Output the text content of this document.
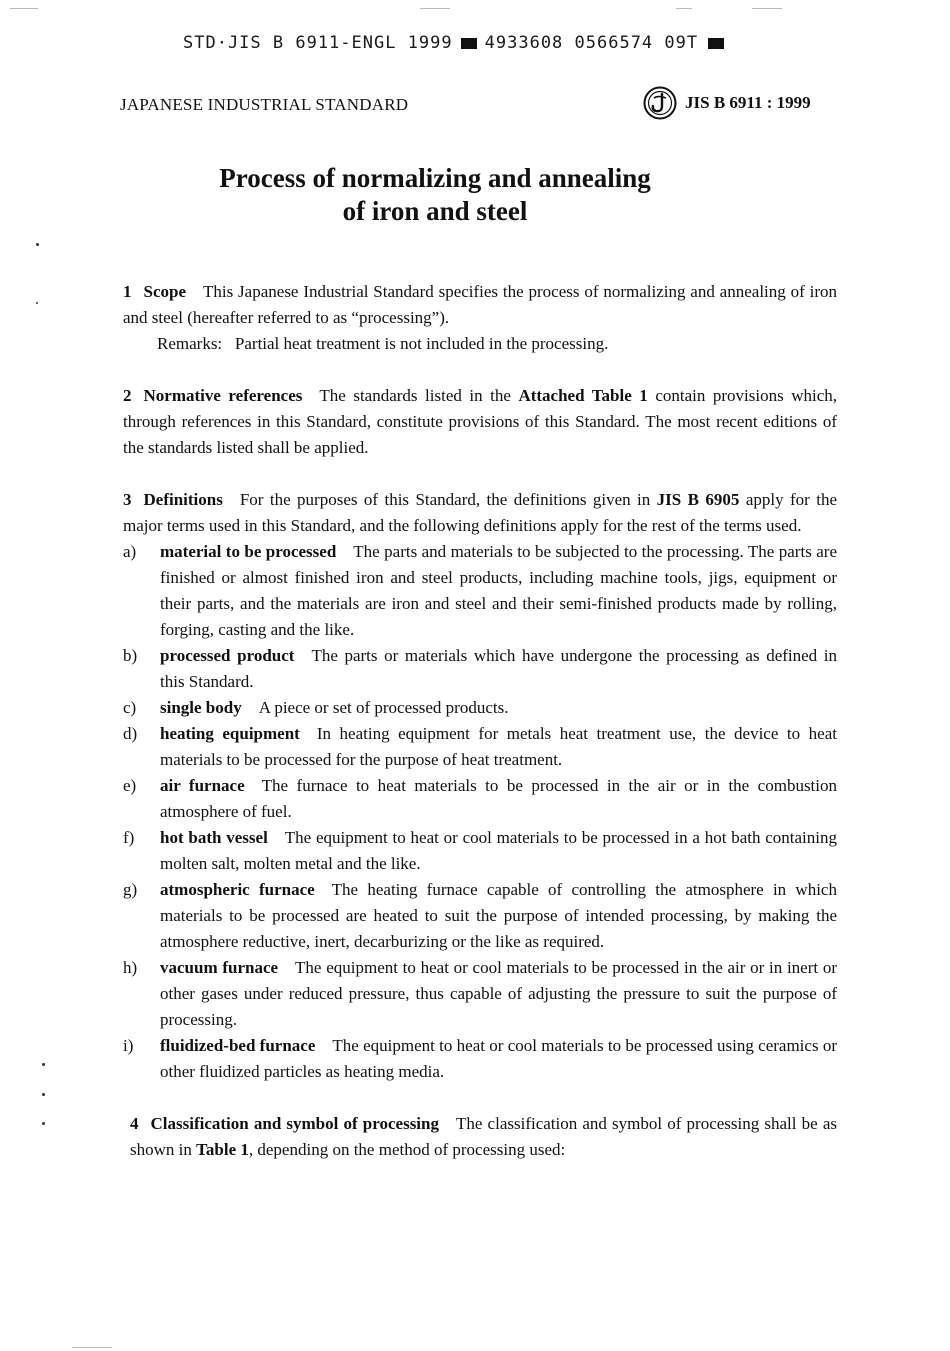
STD·JIS B 6911-ENGL 1999 4933608 0566574 09T
JAPANESE INDUSTRIAL STANDARD	JIS B 6911 : 1999
Process of normalizing and annealing
of iron and steel

1 Scope   This Japanese Industrial Standard specifies the process of normalizing and annealing of iron and steel (hereafter referred to as “processing”).

Remarks:  Partial heat treatment is not included in the processing.

2 Normative references   The standards listed in the Attached Table 1 contain provisions which, through references in this Standard, constitute provisions of this Standard. The most recent editions of the standards listed shall be applied.

3 Definitions   For the purposes of this Standard, the definitions given in JIS B 6905 apply for the major terms used in this Standard, and the following definitions apply for the rest of the terms used.

a)	material to be processed   The parts and materials to be subjected to the processing. The parts are finished or almost finished iron and steel products, including machine tools, jigs, equipment or their parts, and the materials are iron and steel and their semi-finished products made by rolling, forging, casting and the like.
b)	processed product   The parts or materials which have undergone the processing as defined in this Standard.
c)	single body   A piece or set of processed products.
d)	heating equipment   In heating equipment for metals heat treatment use, the device to heat materials to be processed for the purpose of heat treatment.
e)	air furnace   The furnace to heat materials to be processed in the air or in the combustion atmosphere of fuel.
f)	hot bath vessel   The equipment to heat or cool materials to be processed in a hot bath containing molten salt, molten metal and the like.
g)	atmospheric furnace   The heating furnace capable of controlling the atmosphere in which materials to be processed are heated to suit the purpose of intended processing, by making the atmosphere reductive, inert, decarburizing or the like as required.
h)	vacuum furnace   The equipment to heat or cool materials to be processed in the air or in inert or other gases under reduced pressure, thus capable of adjusting the pressure to suit the purpose of processing.
i)	fluidized-bed furnace   The equipment to heat or cool materials to be processed using ceramics or other fluidized particles as heating media.

4 Classification and symbol of processing   The classification and symbol of processing shall be as shown in Table 1, depending on the method of processing used:
